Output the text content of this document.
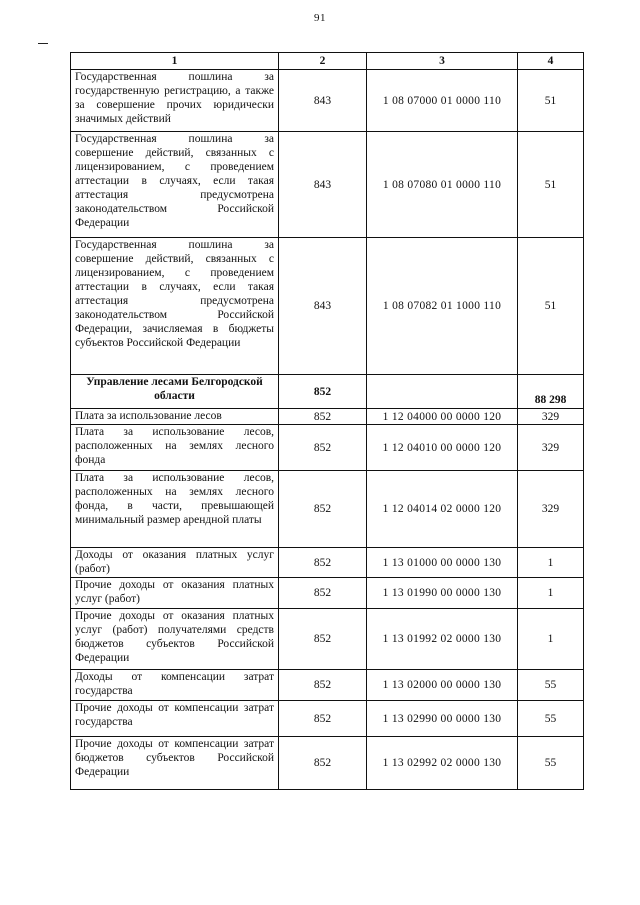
91
1	2	3	4
Государственная пошлина за государственную регистрацию, а также за совершение прочих юридически значимых действий	843	1 08 07000 01 0000 110	51
Государственная пошлина за совершение действий, связанных с лицензированием, с проведением аттестации в случаях, если такая аттестация предусмотрена законодательством Российской Федерации	843	1 08 07080 01 0000 110	51
Государственная пошлина за совершение действий, связанных с лицензированием, с проведением аттестации в случаях, если такая аттестация предусмотрена законодательством Российской Федерации, зачисляемая в бюджеты субъектов Российской Федерации	843	1 08 07082 01 1000 110	51
Управление лесами Белгородской области	852		88 298
Плата за использование лесов	852	1 12 04000 00 0000 120	329
Плата за использование лесов, расположенных на землях лесного фонда	852	1 12 04010 00 0000 120	329
Плата за использование лесов, расположенных на землях лесного фонда, в части, превышающей минимальный размер арендной платы	852	1 12 04014 02 0000 120	329
Доходы от оказания платных услуг (работ)	852	1 13 01000 00 0000 130	1
Прочие доходы от оказания платных услуг (работ)	852	1 13 01990 00 0000 130	1
Прочие доходы от оказания платных услуг (работ) получателями средств бюджетов субъектов Российской Федерации	852	1 13 01992 02 0000 130	1
Доходы от компенсации затрат государства	852	1 13 02000 00 0000 130	55
Прочие доходы от компенсации затрат государства	852	1 13 02990 00 0000 130	55
Прочие доходы от компенсации затрат бюджетов субъектов Российской Федерации	852	1 13 02992 02 0000 130	55
